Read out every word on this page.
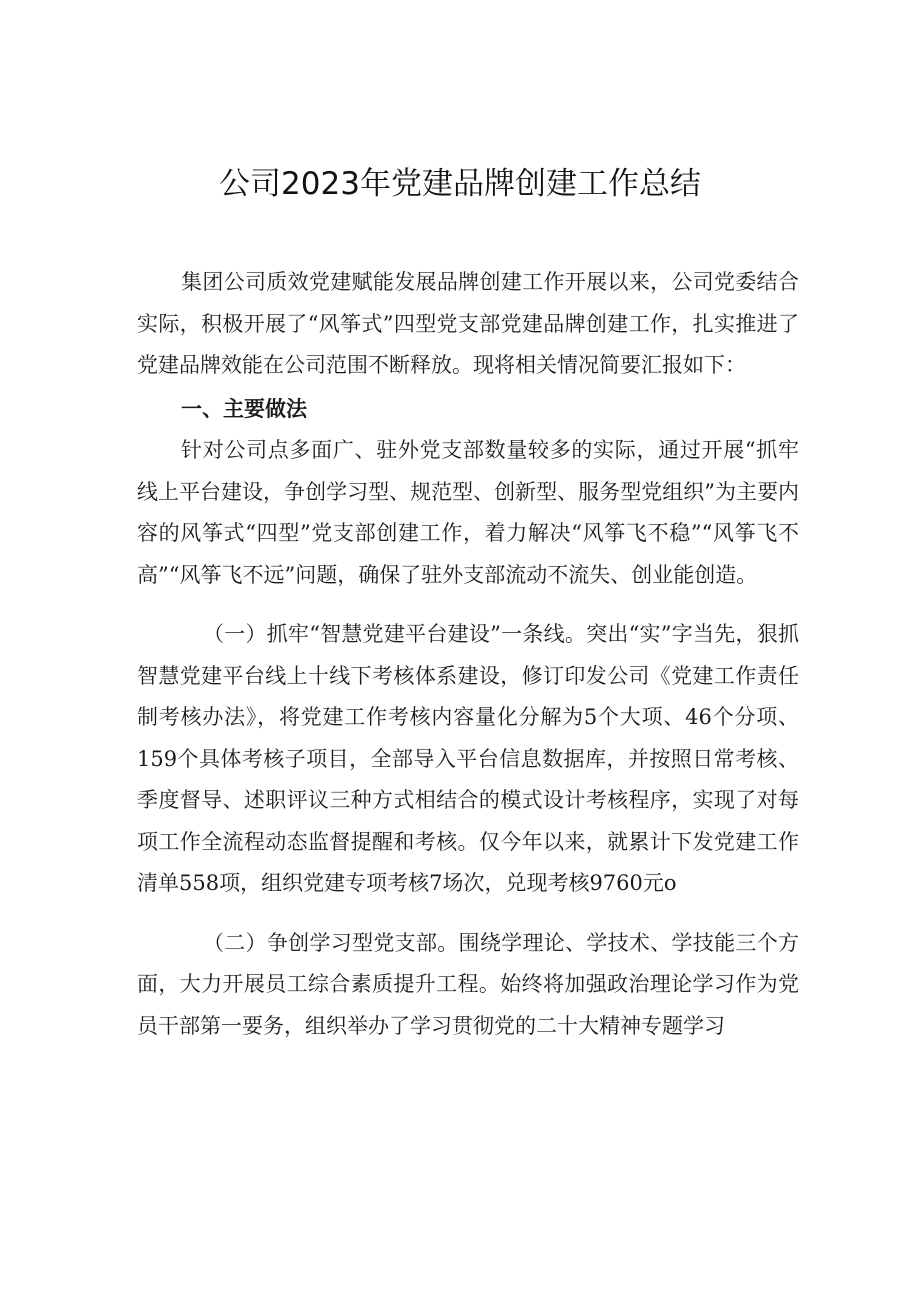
公司2023年党建品牌创建工作总结

集团公司质效党建赋能发展品牌创建工作开展以来，公司党委结合实际，积极开展了“风筝式”四型党支部党建品牌创建工作，扎实推进了党建品牌效能在公司范围不断释放。现将相关情况简要汇报如下：

一、主要做法

针对公司点多面广、驻外党支部数量较多的实际，通过开展“抓牢线上平台建设，争创学习型、规范型、创新型、服务型党组织”为主要内容的风筝式“四型”党支部创建工作，着力解决“风筝飞不稳”“风筝飞不高”“风筝飞不远”问题，确保了驻外支部流动不流失、创业能创造。

（一）抓牢“智慧党建平台建设”一条线。突出“实”字当先，狠抓智慧党建平台线上十线下考核体系建设，修订印发公司《党建工作责任制考核办法》，将党建工作考核内容量化分解为5个大项、46个分项、159个具体考核子项目，全部导入平台信息数据库，并按照日常考核、季度督导、述职评议三种方式相结合的模式设计考核程序，实现了对每项工作全流程动态监督提醒和考核。仅今年以来，就累计下发党建工作清单558项，组织党建专项考核7场次，兑现考核9760元o

（二）争创学习型党支部。围绕学理论、学技术、学技能三个方面，大力开展员工综合素质提升工程。始终将加强政治理论学习作为党员干部第一要务，组织举办了学习贯彻党的二十大精神专题学习
